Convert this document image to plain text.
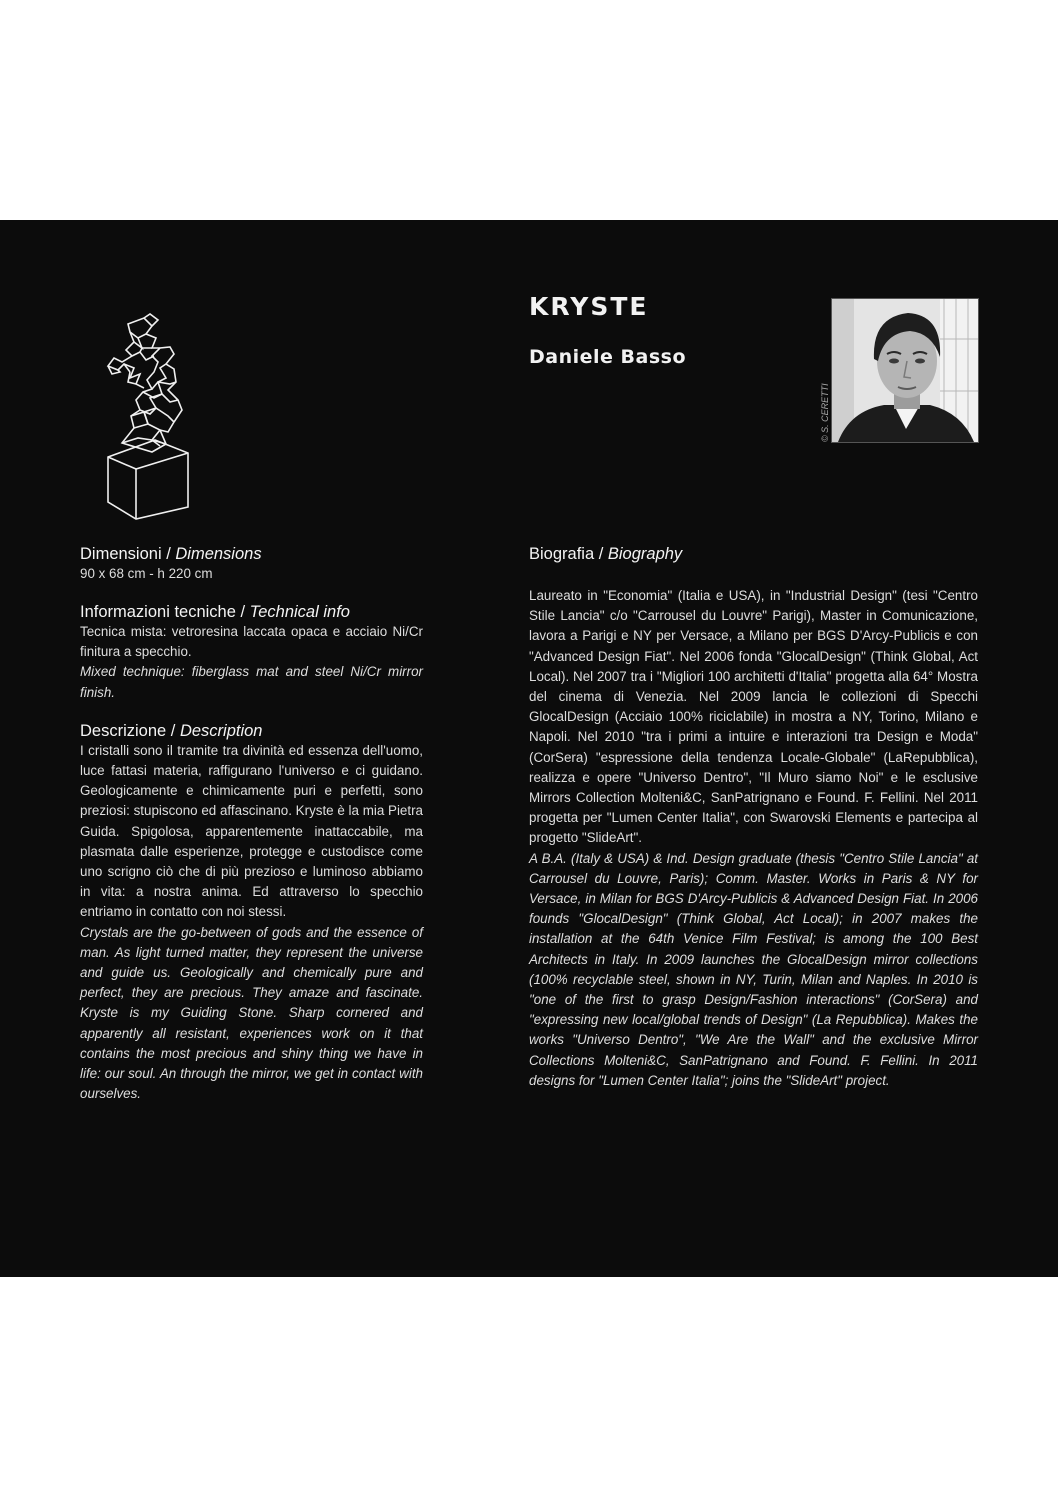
KRYSTE
Daniele Basso
© S. CERETTI

Dimensioni / Dimensions

90 x 68 cm - h 220 cm

Informazioni tecniche / Technical info

Tecnica mista: vetroresina laccata opaca e acciaio Ni/Cr finitura a specchio.

Mixed technique: fiberglass mat and steel Ni/Cr mirror finish.

Descrizione / Description

I cristalli sono il tramite tra divinità ed essenza dell'uomo, luce fattasi materia, raffigurano l'universo e ci guidano. Geologicamente e chimicamente puri e perfetti, sono preziosi: stupiscono ed affascinano. Kryste è la mia Pietra Guida. Spigolosa, apparentemente inattaccabile, ma plasmata dalle esperienze, protegge e custodisce come uno scrigno ciò che di più prezioso e luminoso abbiamo in vita: a nostra anima. Ed attraverso lo specchio entriamo in contatto con noi stessi.

Crystals are the go-between of gods and the essence of man. As light turned matter, they represent the universe and guide us. Geologically and chemically pure and perfect, they are precious. They amaze and fascinate. Kryste is my Guiding Stone. Sharp cornered and apparently all resistant, experiences work on it that contains the most precious and shiny thing we have in life: our soul. An through the mirror, we get in contact with ourselves.

Biografia / Biography

Laureato in "Economia" (Italia e USA), in "Industrial Design" (tesi "Centro Stile Lancia" c/o "Carrousel du Louvre" Parigi), Master in Comunicazione, lavora a Parigi e NY per Versace, a Milano per BGS D'Arcy-Publicis e con "Advanced Design Fiat". Nel 2006 fonda "GlocalDesign" (Think Global, Act Local). Nel 2007 tra i "Migliori 100 architetti d'Italia" progetta alla 64° Mostra del cinema di Venezia. Nel 2009 lancia le collezioni di Specchi GlocalDesign (Acciaio 100% riciclabile) in mostra a NY, Torino, Milano e Napoli. Nel 2010 "tra i primi a intuire e interazioni tra Design e Moda" (CorSera) "espressione della tendenza Locale-Globale" (LaRepubblica), realizza e opere "Universo Dentro", "Il Muro siamo Noi" e le esclusive Mirrors Collection Molteni&C, SanPatrignano e Found. F. Fellini. Nel 2011 progetta per "Lumen Center Italia", con Swarovski Elements e partecipa al progetto "SlideArt".

A B.A. (Italy & USA) & Ind. Design graduate (thesis "Centro Stile Lancia" at Carrousel du Louvre, Paris); Comm. Master. Works in Paris & NY for Versace, in Milan for BGS D'Arcy-Publicis & Advanced Design Fiat. In 2006 founds "GlocalDesign" (Think Global, Act Local); in 2007 makes the installation at the 64th Venice Film Festival; is among the 100 Best Architects in Italy. In 2009 launches the GlocalDesign mirror collections (100% recyclable steel, shown in NY, Turin, Milan and Naples. In 2010 is "one of the first to grasp Design/Fashion interactions" (CorSera) and "expressing new local/global trends of Design" (La Repubblica). Makes the works "Universo Dentro", "We Are the Wall" and the exclusive Mirror Collections Molteni&C, SanPatrignano and Found. F. Fellini. In 2011 designs for "Lumen Center Italia"; joins the "SlideArt" project.
